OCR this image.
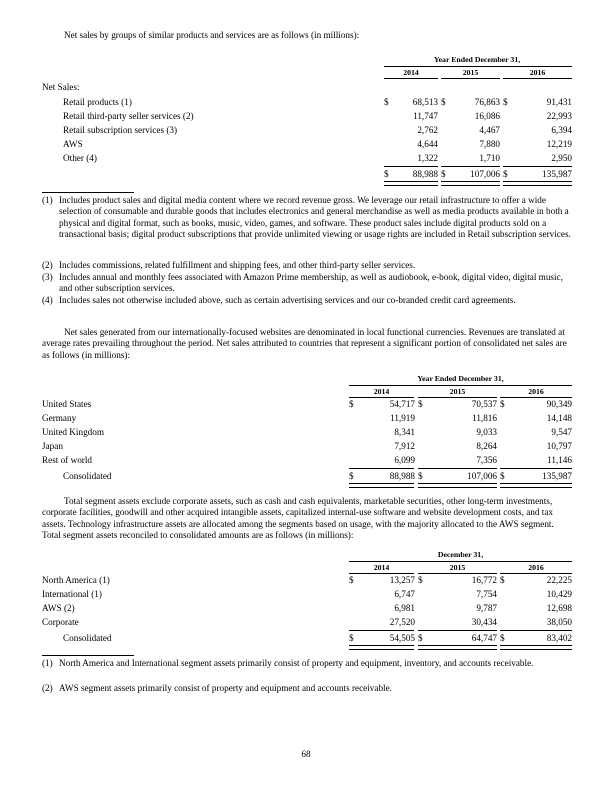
Net sales by groups of similar products and services are as follows (in millions):
Year Ended December 31,
2014	2015	2016
Net Sales:
Retail products (1)	$	68,513 $	76,863 $	91,431
Retail third-party seller services (2)	11,747	16,086	22,993
Retail subscription services (3)	2,762	4,467	6,394
AWS	4,644	7,880	12,219
Other (4)	1,322	1,710	2,950
$	88,988 $	107,006 $	135,987
(1) Includes product sales and digital media content where we record revenue gross. We leverage our retail infrastructure to offer a wide selection of consumable and durable goods that includes electronics and general merchandise as well as media products available in both a physical and digital format, such as books, music, video, games, and software. These product sales include digital products sold on a transactional basis; digital product subscriptions that provide unlimited viewing or usage rights are included in Retail subscription services.
(2) Includes commissions, related fulfillment and shipping fees, and other third-party seller services.
(3) Includes annual and monthly fees associated with Amazon Prime membership, as well as audiobook, e-book, digital video, digital music, and other subscription services.
(4) Includes sales not otherwise included above, such as certain advertising services and our co-branded credit card agreements.
Net sales generated from our internationally-focused websites are denominated in local functional currencies. Revenues are translated at average rates prevailing throughout the period. Net sales attributed to countries that represent a significant portion of consolidated net sales are as follows (in millions):
Year Ended December 31,
2014	2015	2016
United States	$	54,717 $	70,537 $	90,349
Germany	11,919	11,816	14,148
United Kingdom	8,341	9,033	9,547
Japan	7,912	8,264	10,797
Rest of world	6,099	7,356	11,146
Consolidated	$	88,988 $	107,006 $	135,987
Total segment assets exclude corporate assets, such as cash and cash equivalents, marketable securities, other long-term investments, corporate facilities, goodwill and other acquired intangible assets, capitalized internal-use software and website development costs, and tax assets. Technology infrastructure assets are allocated among the segments based on usage, with the majority allocated to the AWS segment. Total segment assets reconciled to consolidated amounts are as follows (in millions):
December 31,
2014	2015	2016
North America (1)	$	13,257 $	16,772 $	22,225
International (1)	6,747	7,754	10,429
AWS (2)	6,981	9,787	12,698
Corporate	27,520	30,434	38,050
Consolidated	$	54,505 $	64,747 $	83,402
(1) North America and International segment assets primarily consist of property and equipment, inventory, and accounts receivable.
(2) AWS segment assets primarily consist of property and equipment and accounts receivable.
68
